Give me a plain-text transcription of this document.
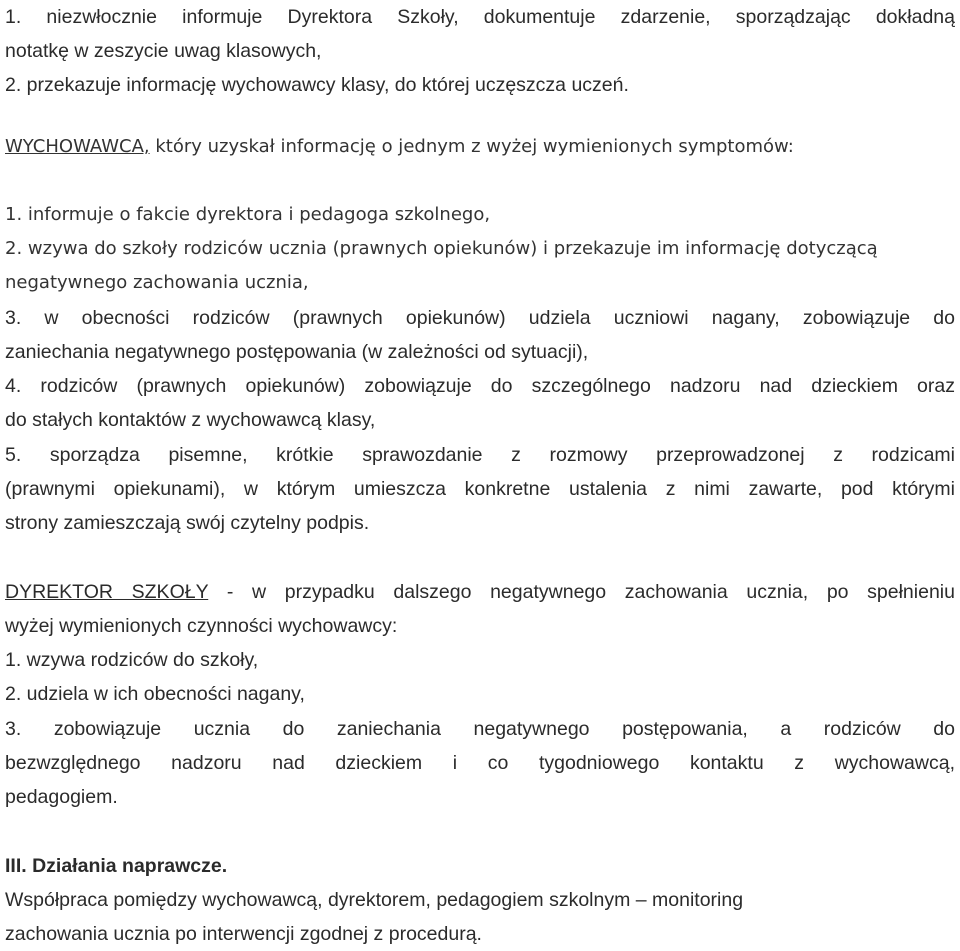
1. niezwłocznie informuje Dyrektora Szkoły, dokumentuje zdarzenie, sporządzając dokładną
notatkę w zeszycie uwag klasowych,
2. przekazuje informację wychowawcy klasy, do której uczęszcza uczeń.
WYCHOWAWCA, który uzyskał informację o jednym z wyżej wymienionych symptomów:
1. informuje o fakcie dyrektora i pedagoga szkolnego,
2. wzywa do szkoły rodziców ucznia (prawnych opiekunów) i przekazuje im informację dotyczącą
negatywnego zachowania ucznia,
3. w obecności rodziców (prawnych opiekunów) udziela uczniowi nagany, zobowiązuje do
zaniechania negatywnego postępowania (w zależności od sytuacji),
4. rodziców (prawnych opiekunów) zobowiązuje do szczególnego nadzoru nad dzieckiem oraz
do stałych kontaktów z wychowawcą klasy,
5. sporządza pisemne, krótkie sprawozdanie z rozmowy przeprowadzonej z rodzicami
(prawnymi opiekunami), w którym umieszcza konkretne ustalenia z nimi zawarte, pod którymi
strony zamieszczają swój czytelny podpis.
DYREKTOR SZKOŁY - w przypadku dalszego negatywnego zachowania ucznia, po spełnieniu
wyżej wymienionych czynności wychowawcy:
1. wzywa rodziców do szkoły,
2. udziela w ich obecności nagany,
3. zobowiązuje ucznia do zaniechania negatywnego postępowania, a rodziców do
bezwzględnego nadzoru nad dzieckiem i co tygodniowego kontaktu z wychowawcą,
pedagogiem.
III. Działania naprawcze.
Współpraca pomiędzy wychowawcą, dyrektorem, pedagogiem szkolnym – monitoring
zachowania ucznia po interwencji zgodnej z procedurą.
